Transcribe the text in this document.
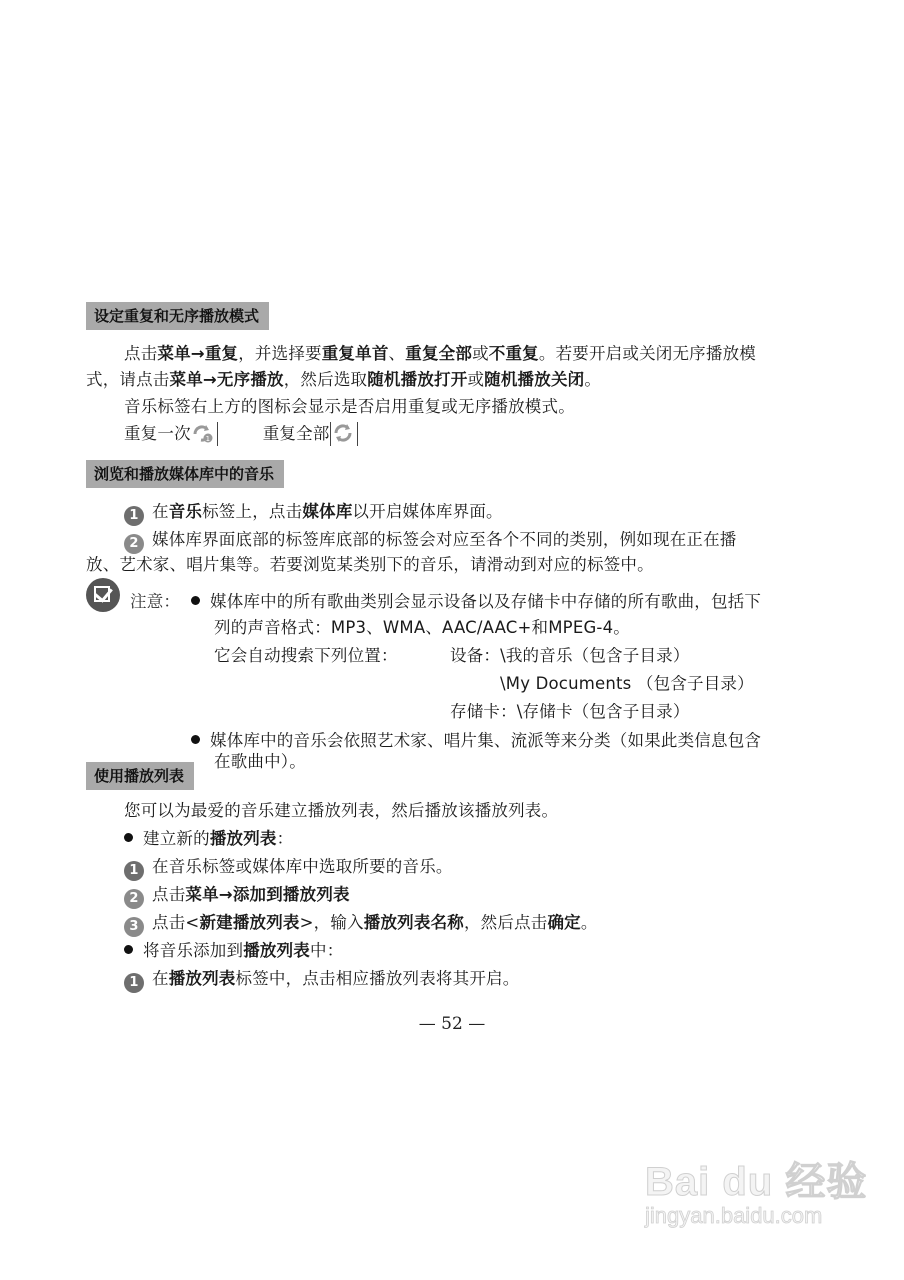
设定重复和无序播放模式
点击菜单→重复，并选择要重复单首、重复全部或不重复。若要开启或关闭无序播放模
式，请点击菜单→无序播放，然后选取随机播放打开或随机播放关闭。
音乐标签右上方的图标会显示是否启用重复或无序播放模式。
重复一次 1	重复全部
浏览和播放媒体库中的音乐
1 在音乐标签上，点击媒体库以开启媒体库界面。
2 媒体库界面底部的标签库底部的标签会对应至各个不同的类别，例如现在正在播
放、艺术家、唱片集等。若要浏览某类别下的音乐，请滑动到对应的标签中。
注意：	媒体库中的所有歌曲类别会显示设备以及存储卡中存储的所有歌曲，包括下
列的声音格式：MP3、WMA、AAC/AAC+和MPEG-4。
它会自动搜索下列位置：	设备：\我的音乐（包含子目录）
\My Documents （包含子目录）
存储卡：\存储卡（包含子目录）
媒体库中的音乐会依照艺术家、唱片集、流派等来分类（如果此类信息包含
在歌曲中）。
使用播放列表
您可以为最爱的音乐建立播放列表，然后播放该播放列表。
建立新的播放列表：
1 在音乐标签或媒体库中选取所要的音乐。
2 点击菜单→添加到播放列表
3 点击<新建播放列表>，输入播放列表名称，然后点击确定。
将音乐添加到播放列表中：
1 在播放列表标签中，点击相应播放列表将其开启。
— 52 —
Bai du 经验
jingyan.baidu.com
